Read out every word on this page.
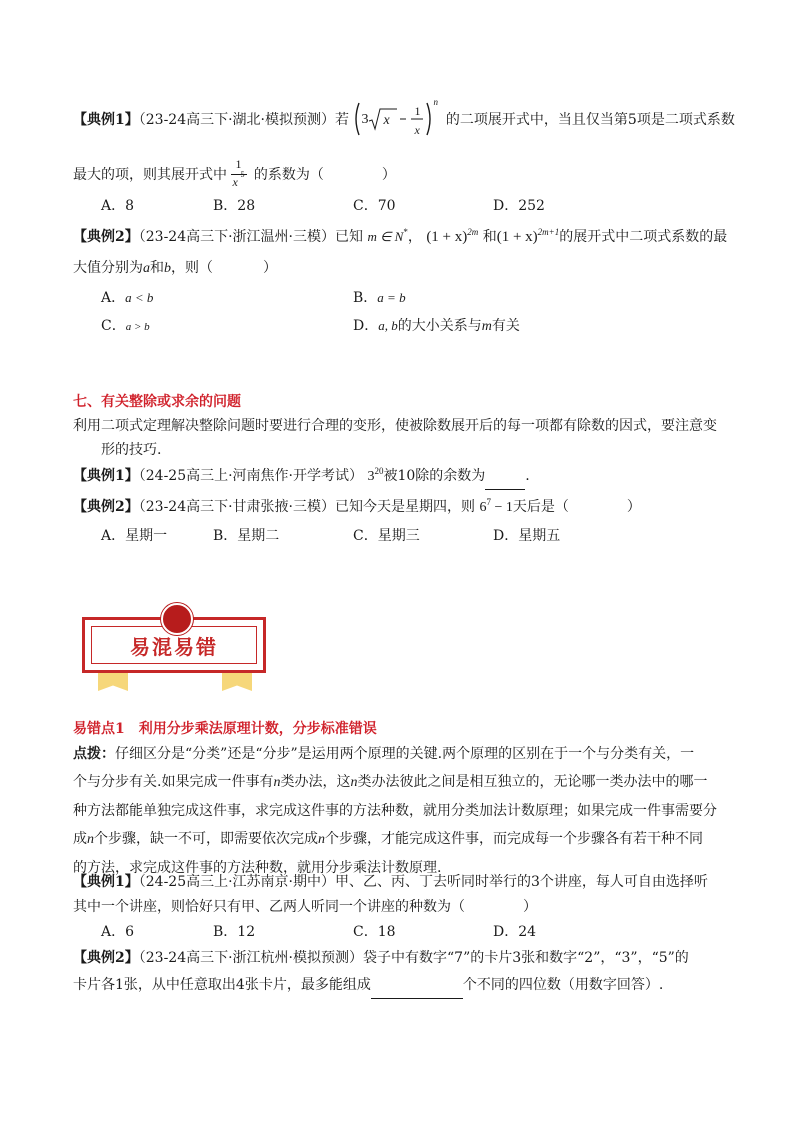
【典例1】（23-24高三下·湖北·模拟预测）若 3 x
1
x
n
的二项展开式中，当且仅当第5项是二项式系数
最大的项，则其展开式中
1
x
5 的系数为（	）
A．8	B．28	C．70	D．252
【典例2】（23-24高三下·浙江温州·三模）已知 m ∈ N*， $(1 + x)^{2m}$ 和$(1 + x)^{2m+1}$的展开式中二项式系数的最
大值分别为a和b，则（	）
A．a < b	B．a = b
C．a > b	D．a, b的大小关系与m有关
七、有关整除或求余的问题
利用二项式定理解决整除问题时要进行合理的变形，使被除数展开后的每一项都有除数的因式，要注意变
形的技巧.
【典例1】（24-25高三上·河南焦作·开学考试） $3^{20}$被10除的余数为	.
【典例2】（23-24高三下·甘肃张掖·三模）已知今天是星期四，则 $6^7 - 1$天后是（	）
A．星期一	B．星期二	C．星期三	D．星期五
易混易错
易错点1　利用分步乘法原理计数，分步标准错误
点拨：仔细区分是“分类”还是“分步”是运用两个原理的关键.两个原理的区别在于一个与分类有关，一
个与分步有关.如果完成一件事有n类办法，这n类办法彼此之间是相互独立的，无论哪一类办法中的哪一
种方法都能单独完成这件事，求完成这件事的方法种数，就用分类加法计数原理；如果完成一件事需要分
成n个步骤，缺一不可，即需要依次完成n个步骤，才能完成这件事，而完成每一个步骤各有若干种不同
的方法，求完成这件事的方法种数，就用分步乘法计数原理.
【典例1】（24-25高三上·江苏南京·期中）甲、乙、丙、丁去听同时举行的3个讲座，每人可自由选择听
其中一个讲座，则恰好只有甲、乙两人听同一个讲座的种数为（	）
A．6	B．12	C．18	D．24
【典例2】（23-24高三下·浙江杭州·模拟预测）袋子中有数字“7”的卡片3张和数字“2”，“3”，“5”的
卡片各1张，从中任意取出4张卡片，最多能组成	个不同的四位数（用数字回答）.
